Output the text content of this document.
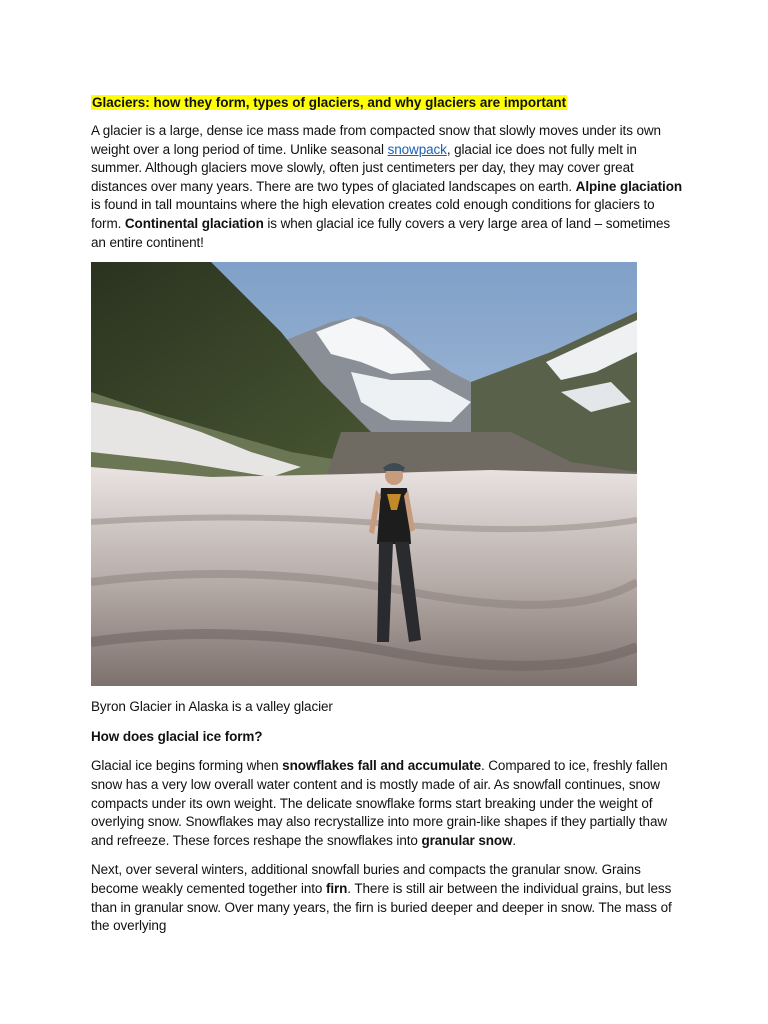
Glaciers: how they form, types of glaciers, and why glaciers are important

A glacier is a large, dense ice mass made from compacted snow that slowly moves under its own weight over a long period of time. Unlike seasonal snowpack, glacial ice does not fully melt in summer. Although glaciers move slowly, often just centimeters per day, they may cover great distances over many years. There are two types of glaciated landscapes on earth. Alpine glaciation is found in tall mountains where the high elevation creates cold enough conditions for glaciers to form. Continental glaciation is when glacial ice fully covers a very large area of land – sometimes an entire continent!

Byron Glacier in Alaska is a valley glacier

How does glacial ice form?

Glacial ice begins forming when snowflakes fall and accumulate. Compared to ice, freshly fallen snow has a very low overall water content and is mostly made of air. As snowfall continues, snow compacts under its own weight. The delicate snowflake forms start breaking under the weight of overlying snow. Snowflakes may also recrystallize into more grain-like shapes if they partially thaw and refreeze. These forces reshape the snowflakes into granular snow.

Next, over several winters, additional snowfall buries and compacts the granular snow. Grains become weakly cemented together into firn. There is still air between the individual grains, but less than in granular snow. Over many years, the firn is buried deeper and deeper in snow. The mass of the overlying
